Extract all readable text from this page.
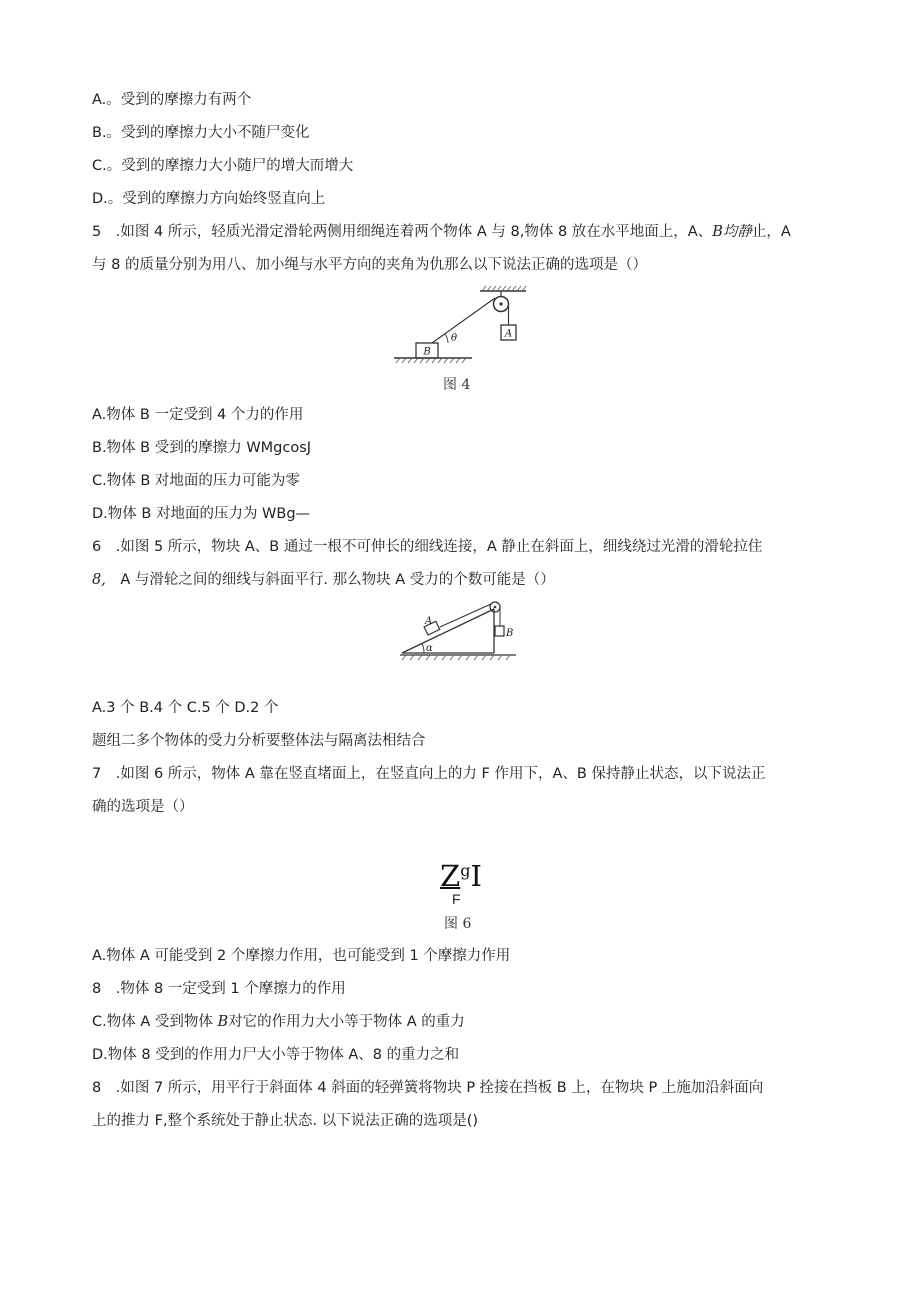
A.。受到的摩擦力有两个
B.。受到的摩擦力大小不随尸变化
C.。受到的摩擦力大小随尸的增大而增大
D.。受到的摩擦力方向始终竖直向上
5　.如图 4 所示，轻质光滑定滑轮两侧用细绳连着两个物体 A 与 8,物体 8 放在水平地面上，A、B均静止，A
与 8 的质量分别为用八、加小绳与水平方向的夹角为仇那么以下说法正确的选项是（）
A
θ
B
图 4
A.物体 B 一定受到 4 个力的作用
B.物体 B 受到的摩擦力 WMgcosJ
C.物体 B 对地面的压力可能为零
D.物体 B 对地面的压力为 WBg—
6　.如图 5 所示，物块 A、B 通过一根不可伸长的细线连接，A 静止在斜面上，细线绕过光滑的滑轮拉住
8,　A 与滑轮之间的细线与斜面平行. 那么物块 A 受力的个数可能是（）
α
A
B
A.3 个 B.4 个 C.5 个 D.2 个
题组二多个物体的受力分析要整体法与隔离法相结合
7　.如图 6 所示，物体 A 靠在竖直堵面上，在竖直向上的力 F 作用下，A、B 保持静止状态，以下说法正
确的选项是（）
$Z^gI$
F
图 6
A.物体 A 可能受到 2 个摩擦力作用，也可能受到 1 个摩擦力作用
8　.物体 8 一定受到 1 个摩擦力的作用
C.物体 A 受到物体 B对它的作用力大小等于物体 A 的重力
D.物体 8 受到的作用力尸大小等于物体 A、8 的重力之和
8　.如图 7 所示，用平行于斜面体 4 斜面的轻弹簧将物块 P 拴接在挡板 B 上，在物块 P 上施加沿斜面向
上的推力 F,整个系统处于静止状态. 以下说法正确的选项是()
